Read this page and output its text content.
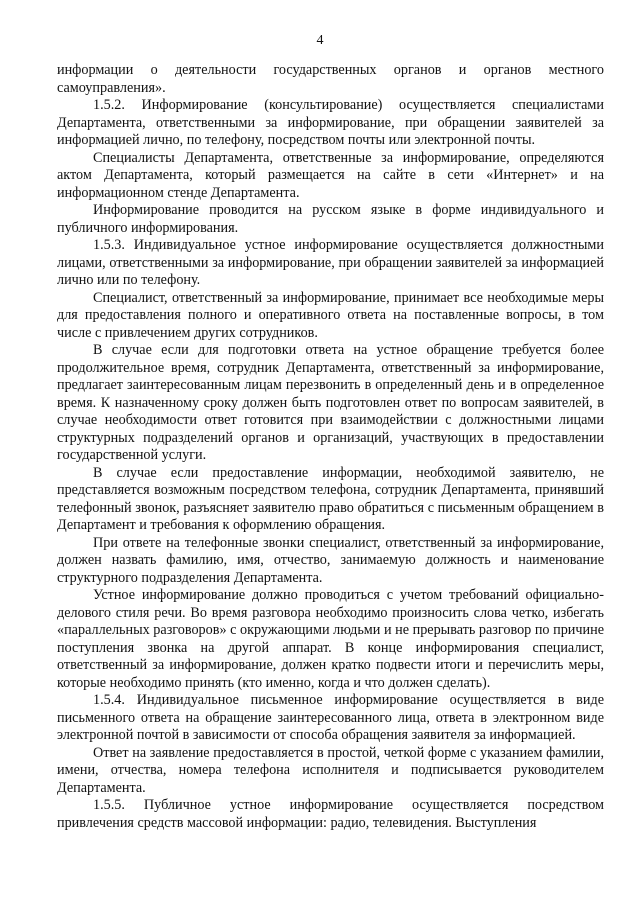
4

информации о деятельности государственных органов и органов местного самоуправления».

1.5.2. Информирование (консультирование) осуществляется специалистами Департамента, ответственными за информирование, при обращении заявителей за информацией лично, по телефону, посредством почты или электронной почты.

Специалисты Департамента, ответственные за информирование, определяются актом Департамента, который размещается на сайте в сети «Интернет» и на информационном стенде Департамента.

Информирование проводится на русском языке в форме индивидуального и публичного информирования.

1.5.3. Индивидуальное устное информирование осуществляется должностными лицами, ответственными за информирование, при обращении заявителей за информацией лично или по телефону.

Специалист, ответственный за информирование, принимает все необходимые меры для предоставления полного и оперативного ответа на поставленные вопросы, в том числе с привлечением других сотрудников.

В случае если для подготовки ответа на устное обращение требуется более продолжительное время, сотрудник Департамента, ответственный за информирование, предлагает заинтересованным лицам перезвонить в определенный день и в определенное время. К назначенному сроку должен быть подготовлен ответ по вопросам заявителей, в случае необходимости ответ готовится при взаимодействии с должностными лицами структурных подразделений органов и организаций, участвующих в предоставлении государственной услуги.

В случае если предоставление информации, необходимой заявителю, не представляется возможным посредством телефона, сотрудник Департамента, принявший телефонный звонок, разъясняет заявителю право обратиться с письменным обращением в Департамент и требования к оформлению обращения.

При ответе на телефонные звонки специалист, ответственный за информирование, должен назвать фамилию, имя, отчество, занимаемую должность и наименование структурного подразделения Департамента.

Устное информирование должно проводиться с учетом требований официально-делового стиля речи. Во время разговора необходимо произносить слова четко, избегать «параллельных разговоров» с окружающими людьми и не прерывать разговор по причине поступления звонка на другой аппарат. В конце информирования специалист, ответственный за информирование, должен кратко подвести итоги и перечислить меры, которые необходимо принять (кто именно, когда и что должен сделать).

1.5.4. Индивидуальное письменное информирование осуществляется в виде письменного ответа на обращение заинтересованного лица, ответа в электронном виде электронной почтой в зависимости от способа обращения заявителя за информацией.

Ответ на заявление предоставляется в простой, четкой форме с указанием фамилии, имени, отчества, номера телефона исполнителя и подписывается руководителем Департамента.

1.5.5. Публичное устное информирование осуществляется посредством привлечения средств массовой информации: радио, телевидения. Выступления
